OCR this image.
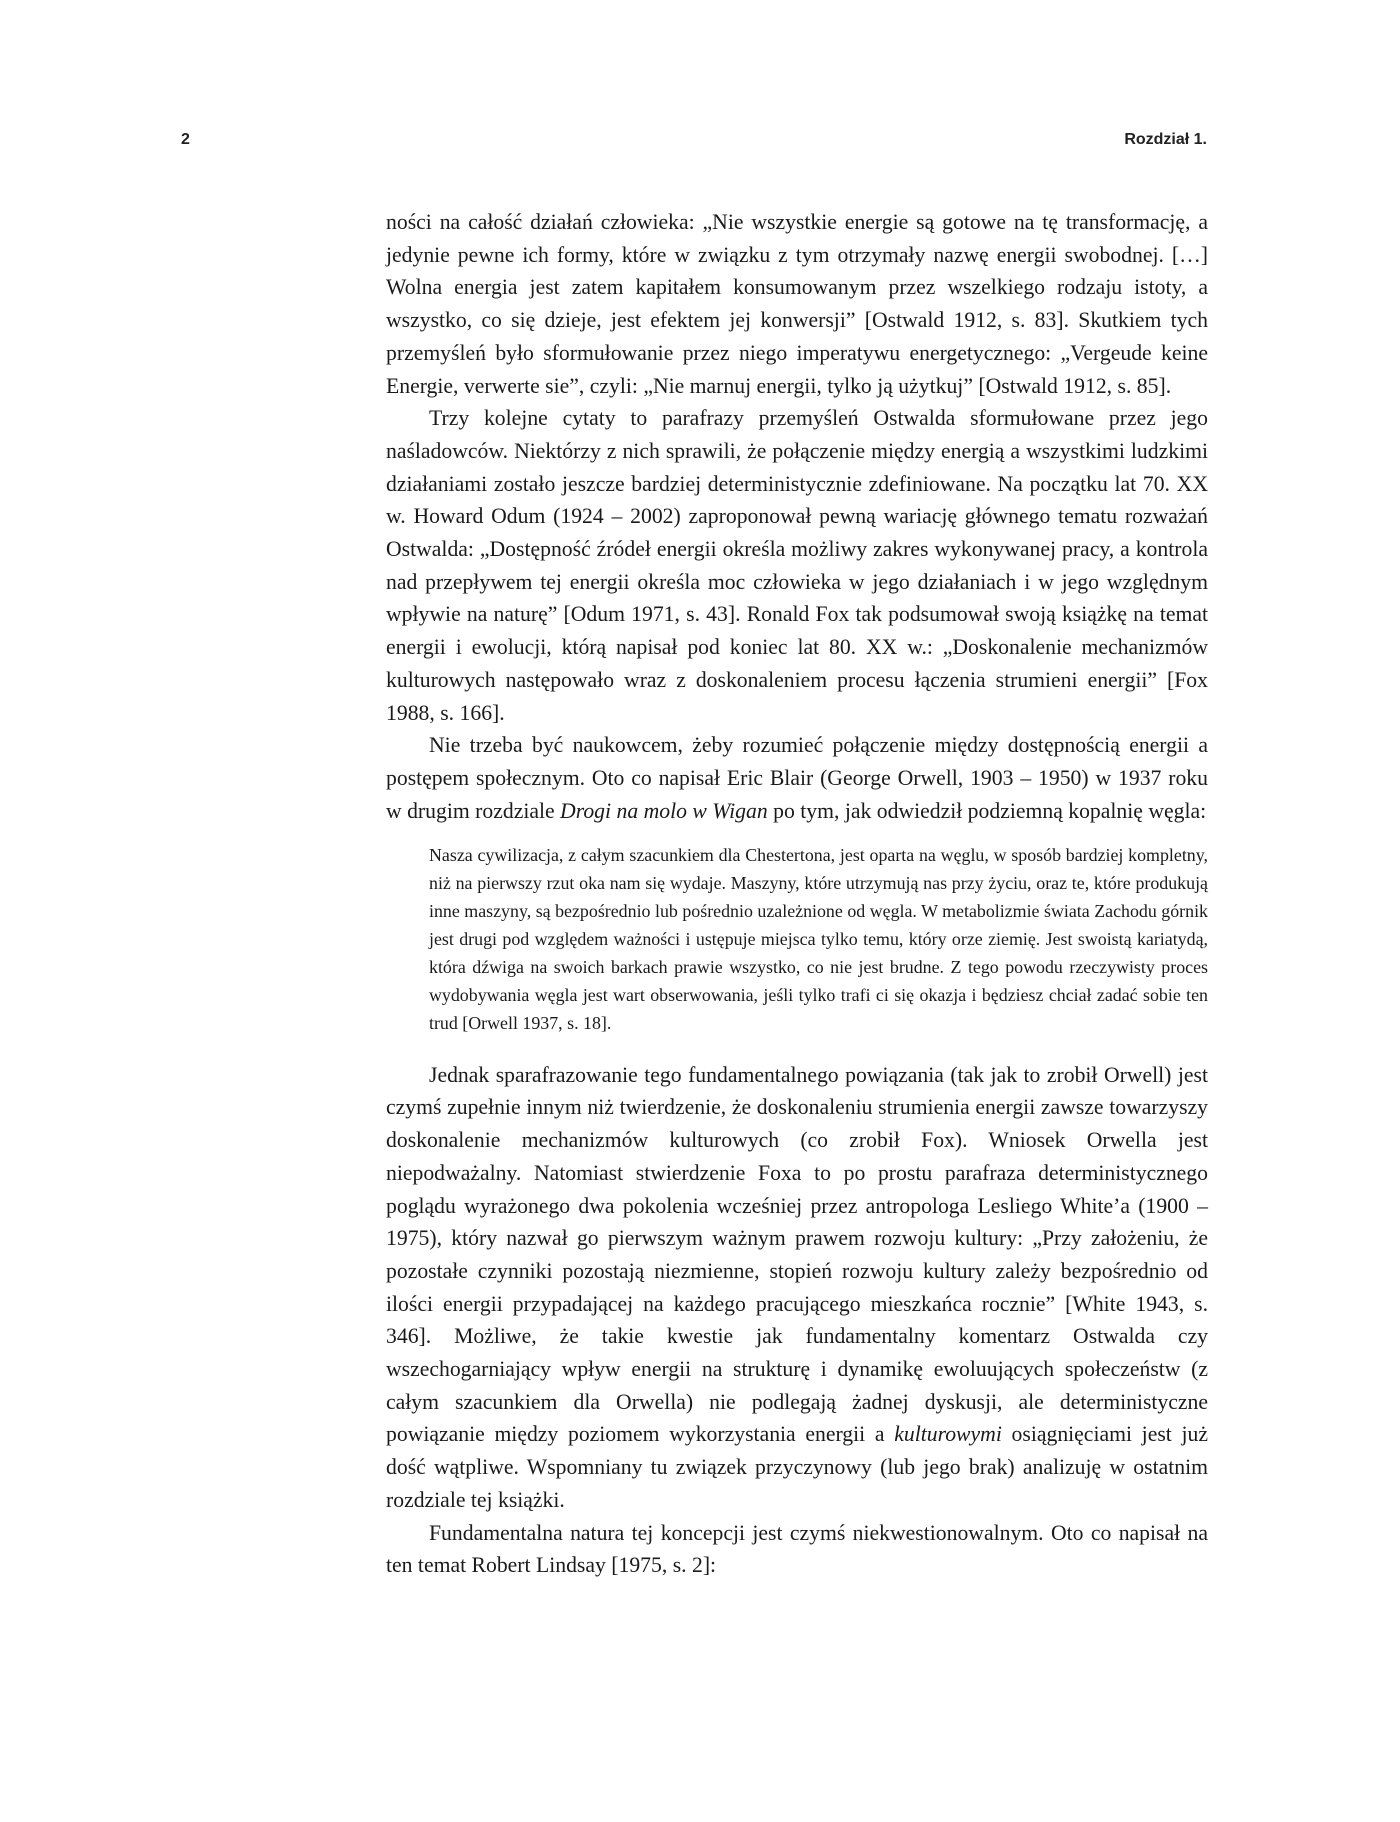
2	Rozdział 1.

ności na całość działań człowieka: „Nie wszystkie energie są gotowe na tę transformację, a jedynie pewne ich formy, które w związku z tym otrzymały nazwę energii swobodnej. […] Wolna energia jest zatem kapitałem konsumowanym przez wszelkiego rodzaju istoty, a wszystko, co się dzieje, jest efektem jej konwersji” [Ostwald 1912, s. 83]. Skutkiem tych przemyśleń było sformułowanie przez niego imperatywu energetycznego: „Vergeude keine Energie, verwerte sie”, czyli: „Nie marnuj energii, tylko ją użytkuj” [Ostwald 1912, s. 85].

Trzy kolejne cytaty to parafrazy przemyśleń Ostwalda sformułowane przez jego naśladowców. Niektórzy z nich sprawili, że połączenie między energią a wszystkimi ludzkimi działaniami zostało jeszcze bardziej deterministycznie zdefiniowane. Na początku lat 70. XX w. Howard Odum (1924 – 2002) zaproponował pewną wariację głównego tematu rozważań Ostwalda: „Dostępność źródeł energii określa możliwy zakres wykonywanej pracy, a kontrola nad przepływem tej energii określa moc człowieka w jego działaniach i w jego względnym wpływie na naturę” [Odum 1971, s. 43]. Ronald Fox tak podsumował swoją książkę na temat energii i ewolucji, którą napisał pod koniec lat 80. XX w.: „Doskonalenie mechanizmów kulturowych następowało wraz z doskonaleniem procesu łączenia strumieni energii” [Fox 1988, s. 166].

Nie trzeba być naukowcem, żeby rozumieć połączenie między dostępnością energii a postępem społecznym. Oto co napisał Eric Blair (George Orwell, 1903 – 1950) w 1937 roku w drugim rozdziale Drogi na molo w Wigan po tym, jak odwiedził podziemną kopalnię węgla:

Nasza cywilizacja, z całym szacunkiem dla Chestertona, jest oparta na węglu, w sposób bardziej kompletny, niż na pierwszy rzut oka nam się wydaje. Maszyny, które utrzymują nas przy życiu, oraz te, które produkują inne maszyny, są bezpośrednio lub pośrednio uzależnione od węgla. W metabolizmie świata Zachodu górnik jest drugi pod względem ważności i ustępuje miejsca tylko temu, który orze ziemię. Jest swoistą kariatydą, która dźwiga na swoich barkach prawie wszystko, co nie jest brudne. Z tego powodu rzeczywisty proces wydobywania węgla jest wart obserwowania, jeśli tylko trafi ci się okazja i będziesz chciał zadać sobie ten trud [Orwell 1937, s. 18].

Jednak sparafrazowanie tego fundamentalnego powiązania (tak jak to zrobił Orwell) jest czymś zupełnie innym niż twierdzenie, że doskonaleniu strumienia energii zawsze towarzyszy doskonalenie mechanizmów kulturowych (co zrobił Fox). Wniosek Orwella jest niepodważalny. Natomiast stwierdzenie Foxa to po prostu parafraza deterministycznego poglądu wyrażonego dwa pokolenia wcześniej przez antropologa Lesliego White’a (1900 – 1975), który nazwał go pierwszym ważnym prawem rozwoju kultury: „Przy założeniu, że pozostałe czynniki pozostają niezmienne, stopień rozwoju kultury zależy bezpośrednio od ilości energii przypadającej na każdego pracującego mieszkańca rocznie” [White 1943, s. 346]. Możliwe, że takie kwestie jak fundamentalny komentarz Ostwalda czy wszechogarniający wpływ energii na strukturę i dynamikę ewoluujących społeczeństw (z całym szacunkiem dla Orwella) nie podlegają żadnej dyskusji, ale deterministyczne powiązanie między poziomem wykorzystania energii a kulturowymi osiągnięciami jest już dość wątpliwe. Wspomniany tu związek przyczynowy (lub jego brak) analizuję w ostatnim rozdziale tej książki.

Fundamentalna natura tej koncepcji jest czymś niekwestionowalnym. Oto co napisał na ten temat Robert Lindsay [1975, s. 2]:
